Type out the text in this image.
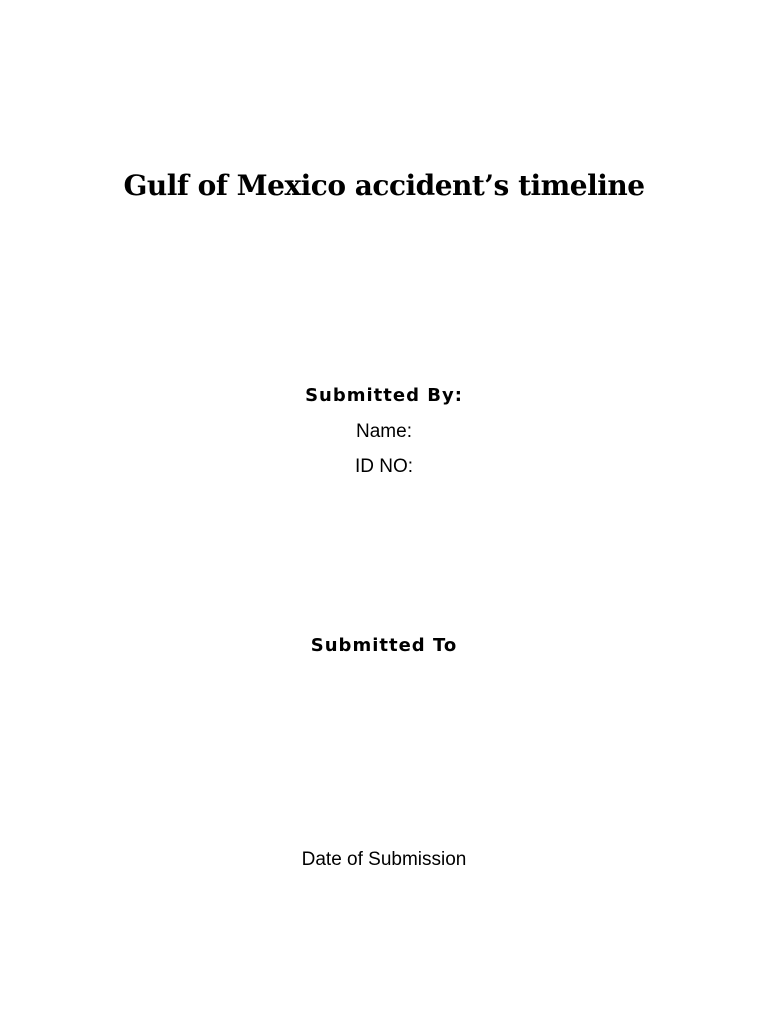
Gulf of Mexico accident’s timeline
Submitted By:
Name:
ID NO:
Submitted To
Date of Submission
